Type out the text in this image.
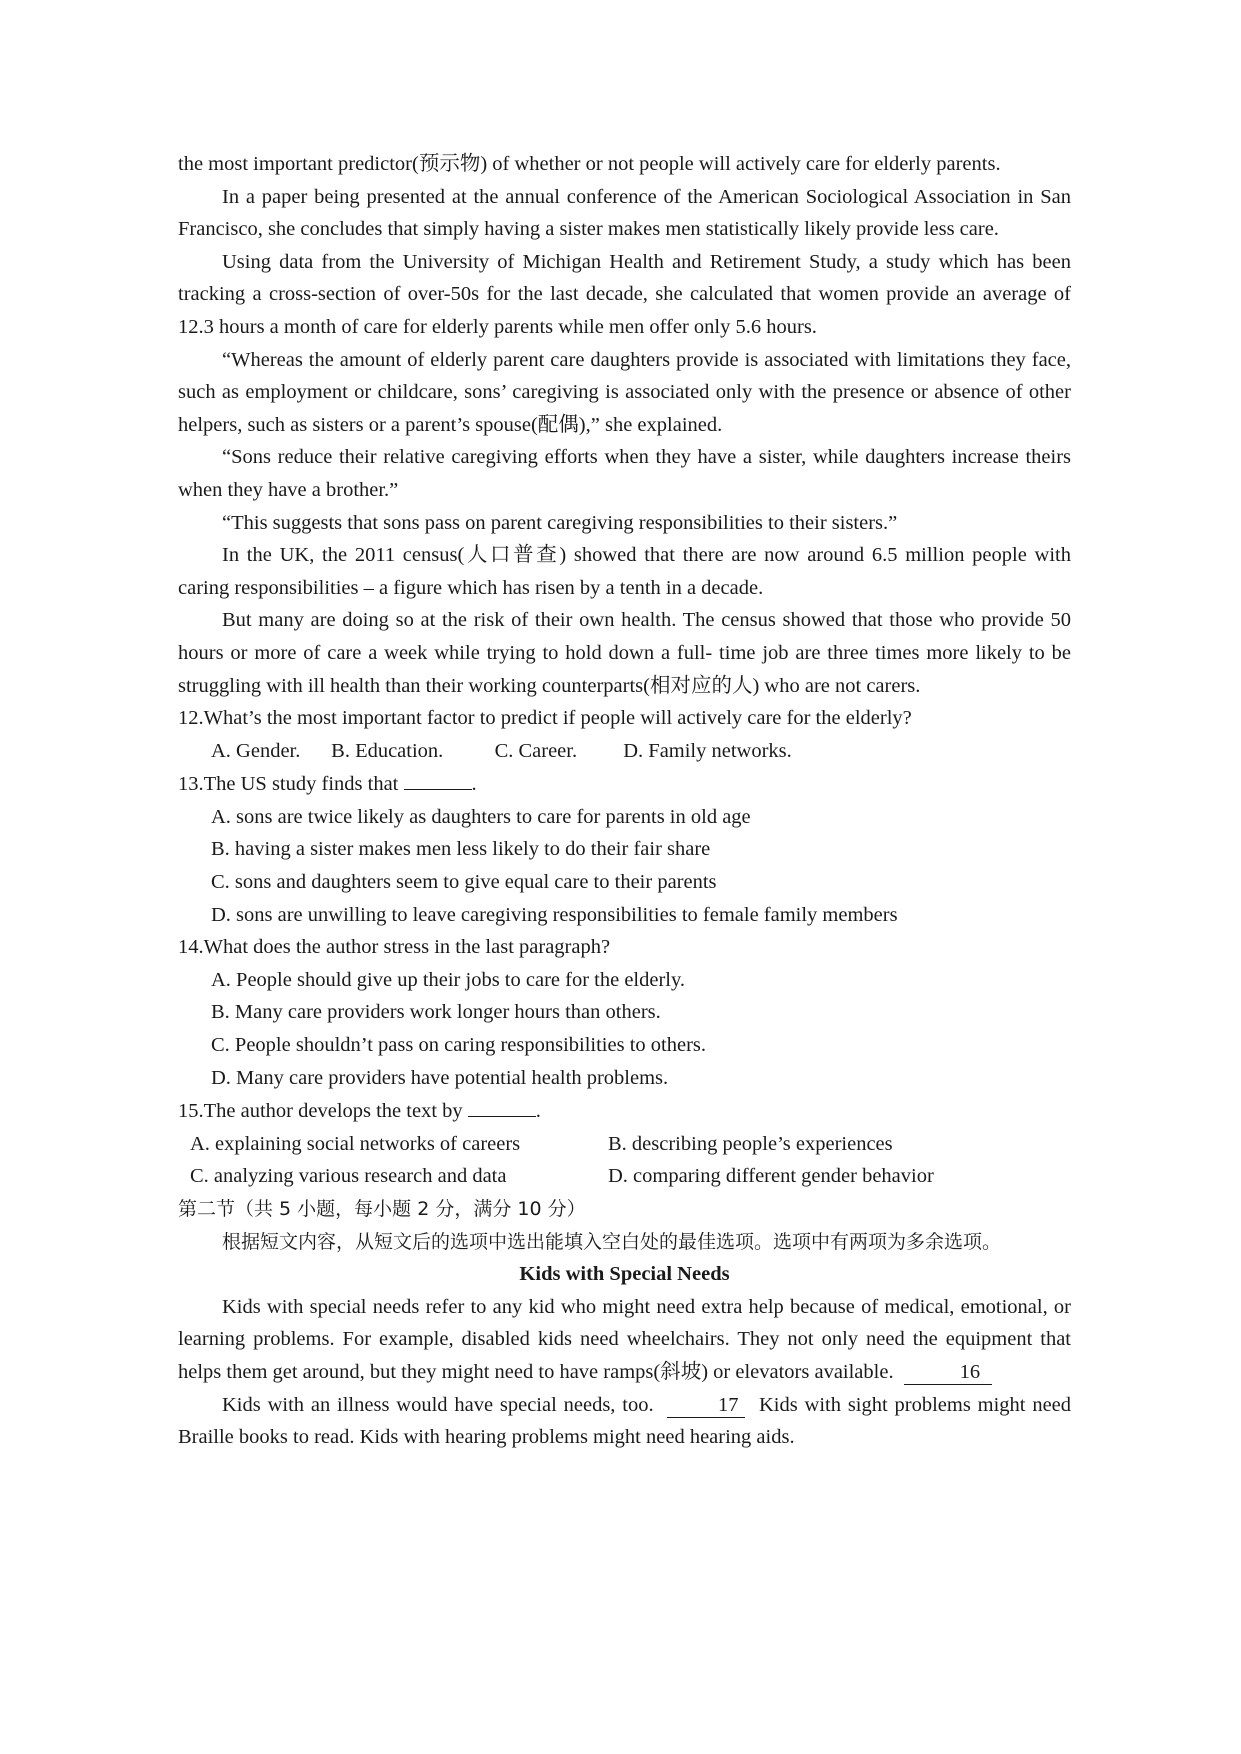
the most important predictor(预示物) of whether or not people will actively care for elderly parents.

In a paper being presented at the annual conference of the American Sociological Association in San Francisco, she concludes that simply having a sister makes men statistically likely provide less care.

Using data from the University of Michigan Health and Retirement Study, a study which has been tracking a cross-section of over-50s for the last decade, she calculated that women provide an average of 12.3 hours a month of care for elderly parents while men offer only 5.6 hours.

“Whereas the amount of elderly parent care daughters provide is associated with limitations they face, such as employment or childcare, sons’ caregiving is associated only with the presence or absence of other helpers, such as sisters or a parent’s spouse(配偶),” she explained.

“Sons reduce their relative caregiving efforts when they have a sister, while daughters increase theirs when they have a brother.”

“This suggests that sons pass on parent caregiving responsibilities to their sisters.”

In the UK, the 2011 census(人口普查) showed that there are now around 6.5 million people with caring responsibilities – a figure which has risen by a tenth in a decade.

But many are doing so at the risk of their own health. The census showed that those who provide 50 hours or more of care a week while trying to hold down a full- time job are three times more likely to be struggling with ill health than their working counterparts(相对应的人) who are not carers.

12.What’s the most important factor to predict if people will actively care for the elderly?

A. Gender. B. Education.	C. Career. D. Family networks.

13.The US study finds that	.

A. sons are twice likely as daughters to care for parents in old age

B. having a sister makes men less likely to do their fair share

C. sons and daughters seem to give equal care to their parents

D. sons are unwilling to leave caregiving responsibilities to female family members

14.What does the author stress in the last paragraph?

A. People should give up their jobs to care for the elderly.

B. Many care providers work longer hours than others.

C. People shouldn’t pass on caring responsibilities to others.

D. Many care providers have potential health problems.

15.The author develops the text by	.

A. explaining social networks of careers	B. describing people’s experiences
C. analyzing various research and data	D. comparing different gender behavior

第二节（共 5 小题，每小题 2 分，满分 10 分）

根据短文内容，从短文后的选项中选出能填入空白处的最佳选项。选项中有两项为多余选项。

Kids with Special Needs

Kids with special needs refer to any kid who might need extra help because of medical, emotional, or learning problems. For example, disabled kids need wheelchairs. They not only need the equipment that helps them get around, but they might need to have ramps(斜坡) or elevators available.	16

Kids with an illness would have special needs, too.	17 Kids with sight problems might need Braille books to read. Kids with hearing problems might need hearing aids.
